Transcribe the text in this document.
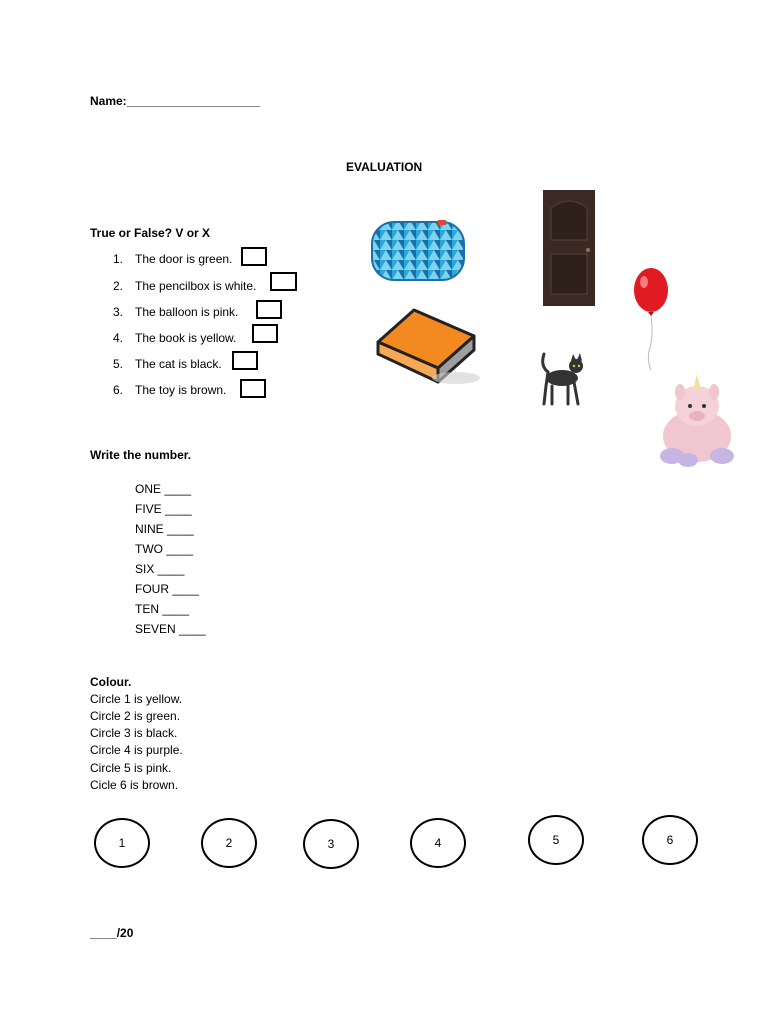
Name:____________________
EVALUATION
True or False? V or X
1. The door is green.
2. The pencilbox is white.
3. The balloon is pink.
4. The book is yellow.
5. The cat is black.
6. The toy is brown.
Write the number.
ONE ____
FIVE ____
NINE ____
TWO ____
SIX ____
FOUR ____
TEN ____
SEVEN ____
Colour.
Circle 1 is yellow.
Circle 2 is green.
Circle 3 is black.
Circle 4 is purple.
Circle 5 is pink.
Cicle 6 is brown.
1	2	3	4	5	6
____/20
